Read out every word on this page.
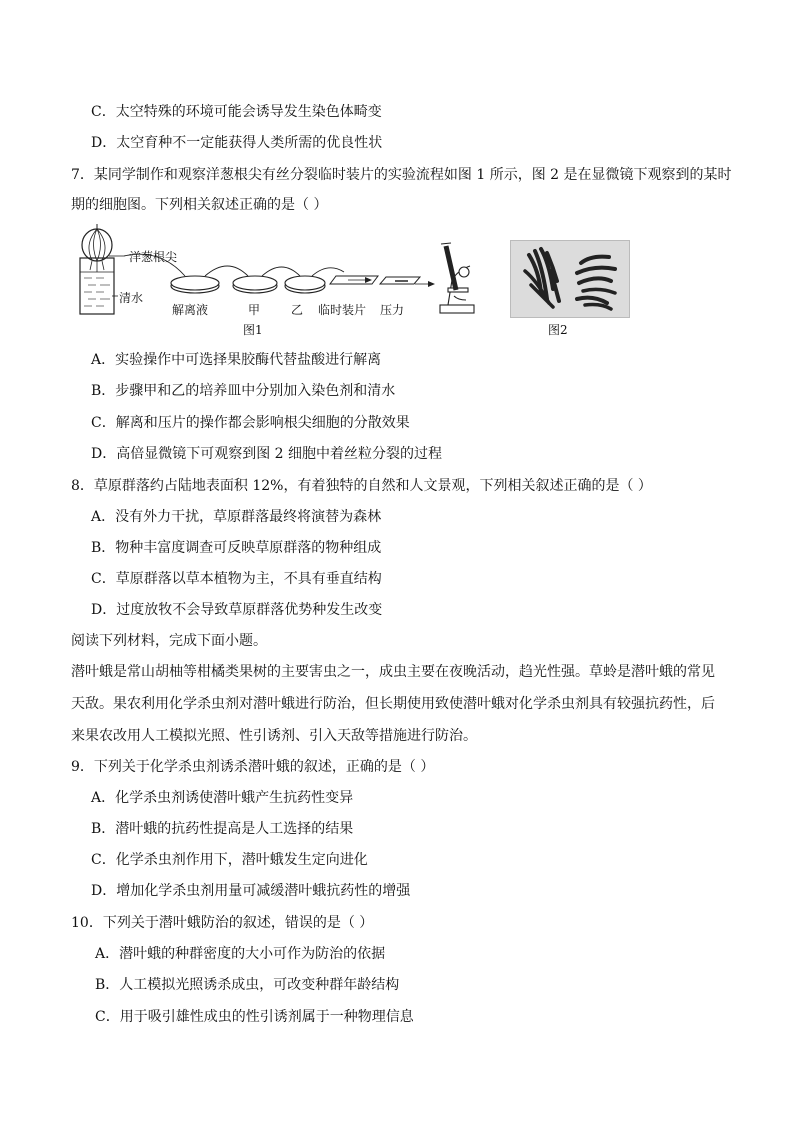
C．太空特殊的环境可能会诱导发生染色体畸变
D．太空育种不一定能获得人类所需的优良性状
7．某同学制作和观察洋葱根尖有丝分裂临时装片的实验流程如图 1 所示，图 2 是在显微镜下观察到的某时
期的细胞图。下列相关叙述正确的是（ ）
洋葱根尖
清水
解离液	甲	乙 临时装片 压力
图1	图2
A．实验操作中可选择果胶酶代替盐酸进行解离
B．步骤甲和乙的培养皿中分别加入染色剂和清水
C．解离和压片的操作都会影响根尖细胞的分散效果
D．高倍显微镜下可观察到图 2 细胞中着丝粒分裂的过程
8．草原群落约占陆地表面积 12%，有着独特的自然和人文景观，下列相关叙述正确的是（ ）
A．没有外力干扰，草原群落最终将演替为森林
B．物种丰富度调查可反映草原群落的物种组成
C．草原群落以草本植物为主，不具有垂直结构
D．过度放牧不会导致草原群落优势种发生改变
阅读下列材料，完成下面小题。
潜叶蛾是常山胡柚等柑橘类果树的主要害虫之一，成虫主要在夜晚活动，趋光性强。草蛉是潜叶蛾的常见
天敌。果农利用化学杀虫剂对潜叶蛾进行防治，但长期使用致使潜叶蛾对化学杀虫剂具有较强抗药性，后
来果农改用人工模拟光照、性引诱剂、引入天敌等措施进行防治。
9．下列关于化学杀虫剂诱杀潜叶蛾的叙述，正确的是（ ）
A．化学杀虫剂诱使潜叶蛾产生抗药性变异
B．潜叶蛾的抗药性提高是人工选择的结果
C．化学杀虫剂作用下，潜叶蛾发生定向进化
D．增加化学杀虫剂用量可减缓潜叶蛾抗药性的增强
10．下列关于潜叶蛾防治的叙述，错误的是（ ）
A．潜叶蛾的种群密度的大小可作为防治的依据
B．人工模拟光照诱杀成虫，可改变种群年龄结构
C．用于吸引雄性成虫的性引诱剂属于一种物理信息
